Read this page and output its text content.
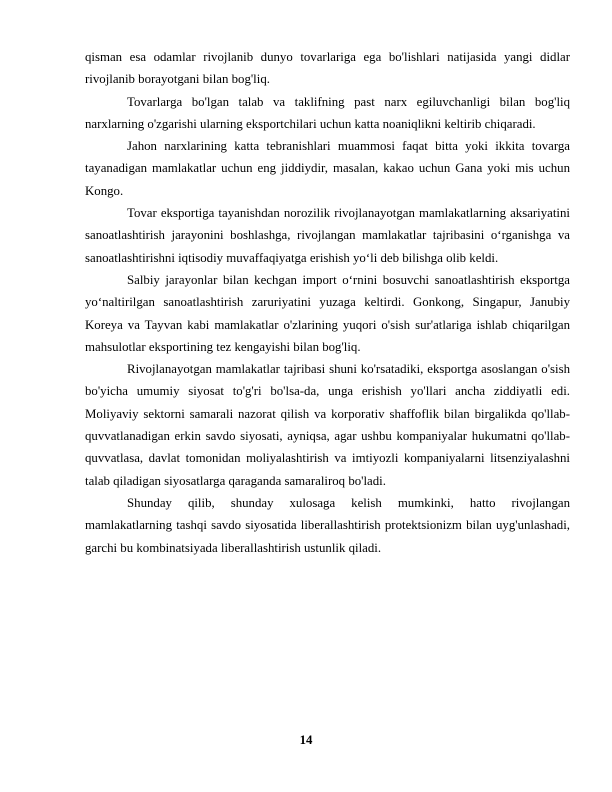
qisman esa odamlar rivojlanib dunyo tovarlariga ega bo'lishlari natijasida yangi didlar rivojlanib borayotgani bilan bog'liq.

Tovarlarga bo'lgan talab va taklifning past narx egiluvchanligi bilan bog'liq narxlarning o'zgarishi ularning eksportchilari uchun katta noaniqlikni keltirib chiqaradi.

Jahon narxlarining katta tebranishlari muammosi faqat bitta yoki ikkita tovarga tayanadigan mamlakatlar uchun eng jiddiydir, masalan, kakao uchun Gana yoki mis uchun Kongo.

Tovar eksportiga tayanishdan norozilik rivojlanayotgan mamlakatlarning aksariyatini sanoatlashtirish jarayonini boshlashga, rivojlangan mamlakatlar tajribasini o‘rganishga va sanoatlashtirishni iqtisodiy muvaffaqiyatga erishish yo‘li deb bilishga olib keldi.

Salbiy jarayonlar bilan kechgan import o‘rnini bosuvchi sanoatlashtirish eksportga yo‘naltirilgan sanoatlashtirish zaruriyatini yuzaga keltirdi. Gonkong, Singapur, Janubiy Koreya va Tayvan kabi mamlakatlar o'zlarining yuqori o'sish sur'atlariga ishlab chiqarilgan mahsulotlar eksportining tez kengayishi bilan bog'liq.

Rivojlanayotgan mamlakatlar tajribasi shuni ko'rsatadiki, eksportga asoslangan o'sish bo'yicha umumiy siyosat to'g'ri bo'lsa-da, unga erishish yo'llari ancha ziddiyatli edi. Moliyaviy sektorni samarali nazorat qilish va korporativ shaffoflik bilan birgalikda qo'llab-quvvatlanadigan erkin savdo siyosati, ayniqsa, agar ushbu kompaniyalar hukumatni qo'llab-quvvatlasa, davlat tomonidan moliyalashtirish va imtiyozli kompaniyalarni litsenziyalashni talab qiladigan siyosatlarga qaraganda samaraliroq bo'ladi.

Shunday qilib, shunday xulosaga kelish mumkinki, hatto rivojlangan mamlakatlarning tashqi savdo siyosatida liberallashtirish protektsionizm bilan uyg'unlashadi, garchi bu kombinatsiyada liberallashtirish ustunlik qiladi.

14
